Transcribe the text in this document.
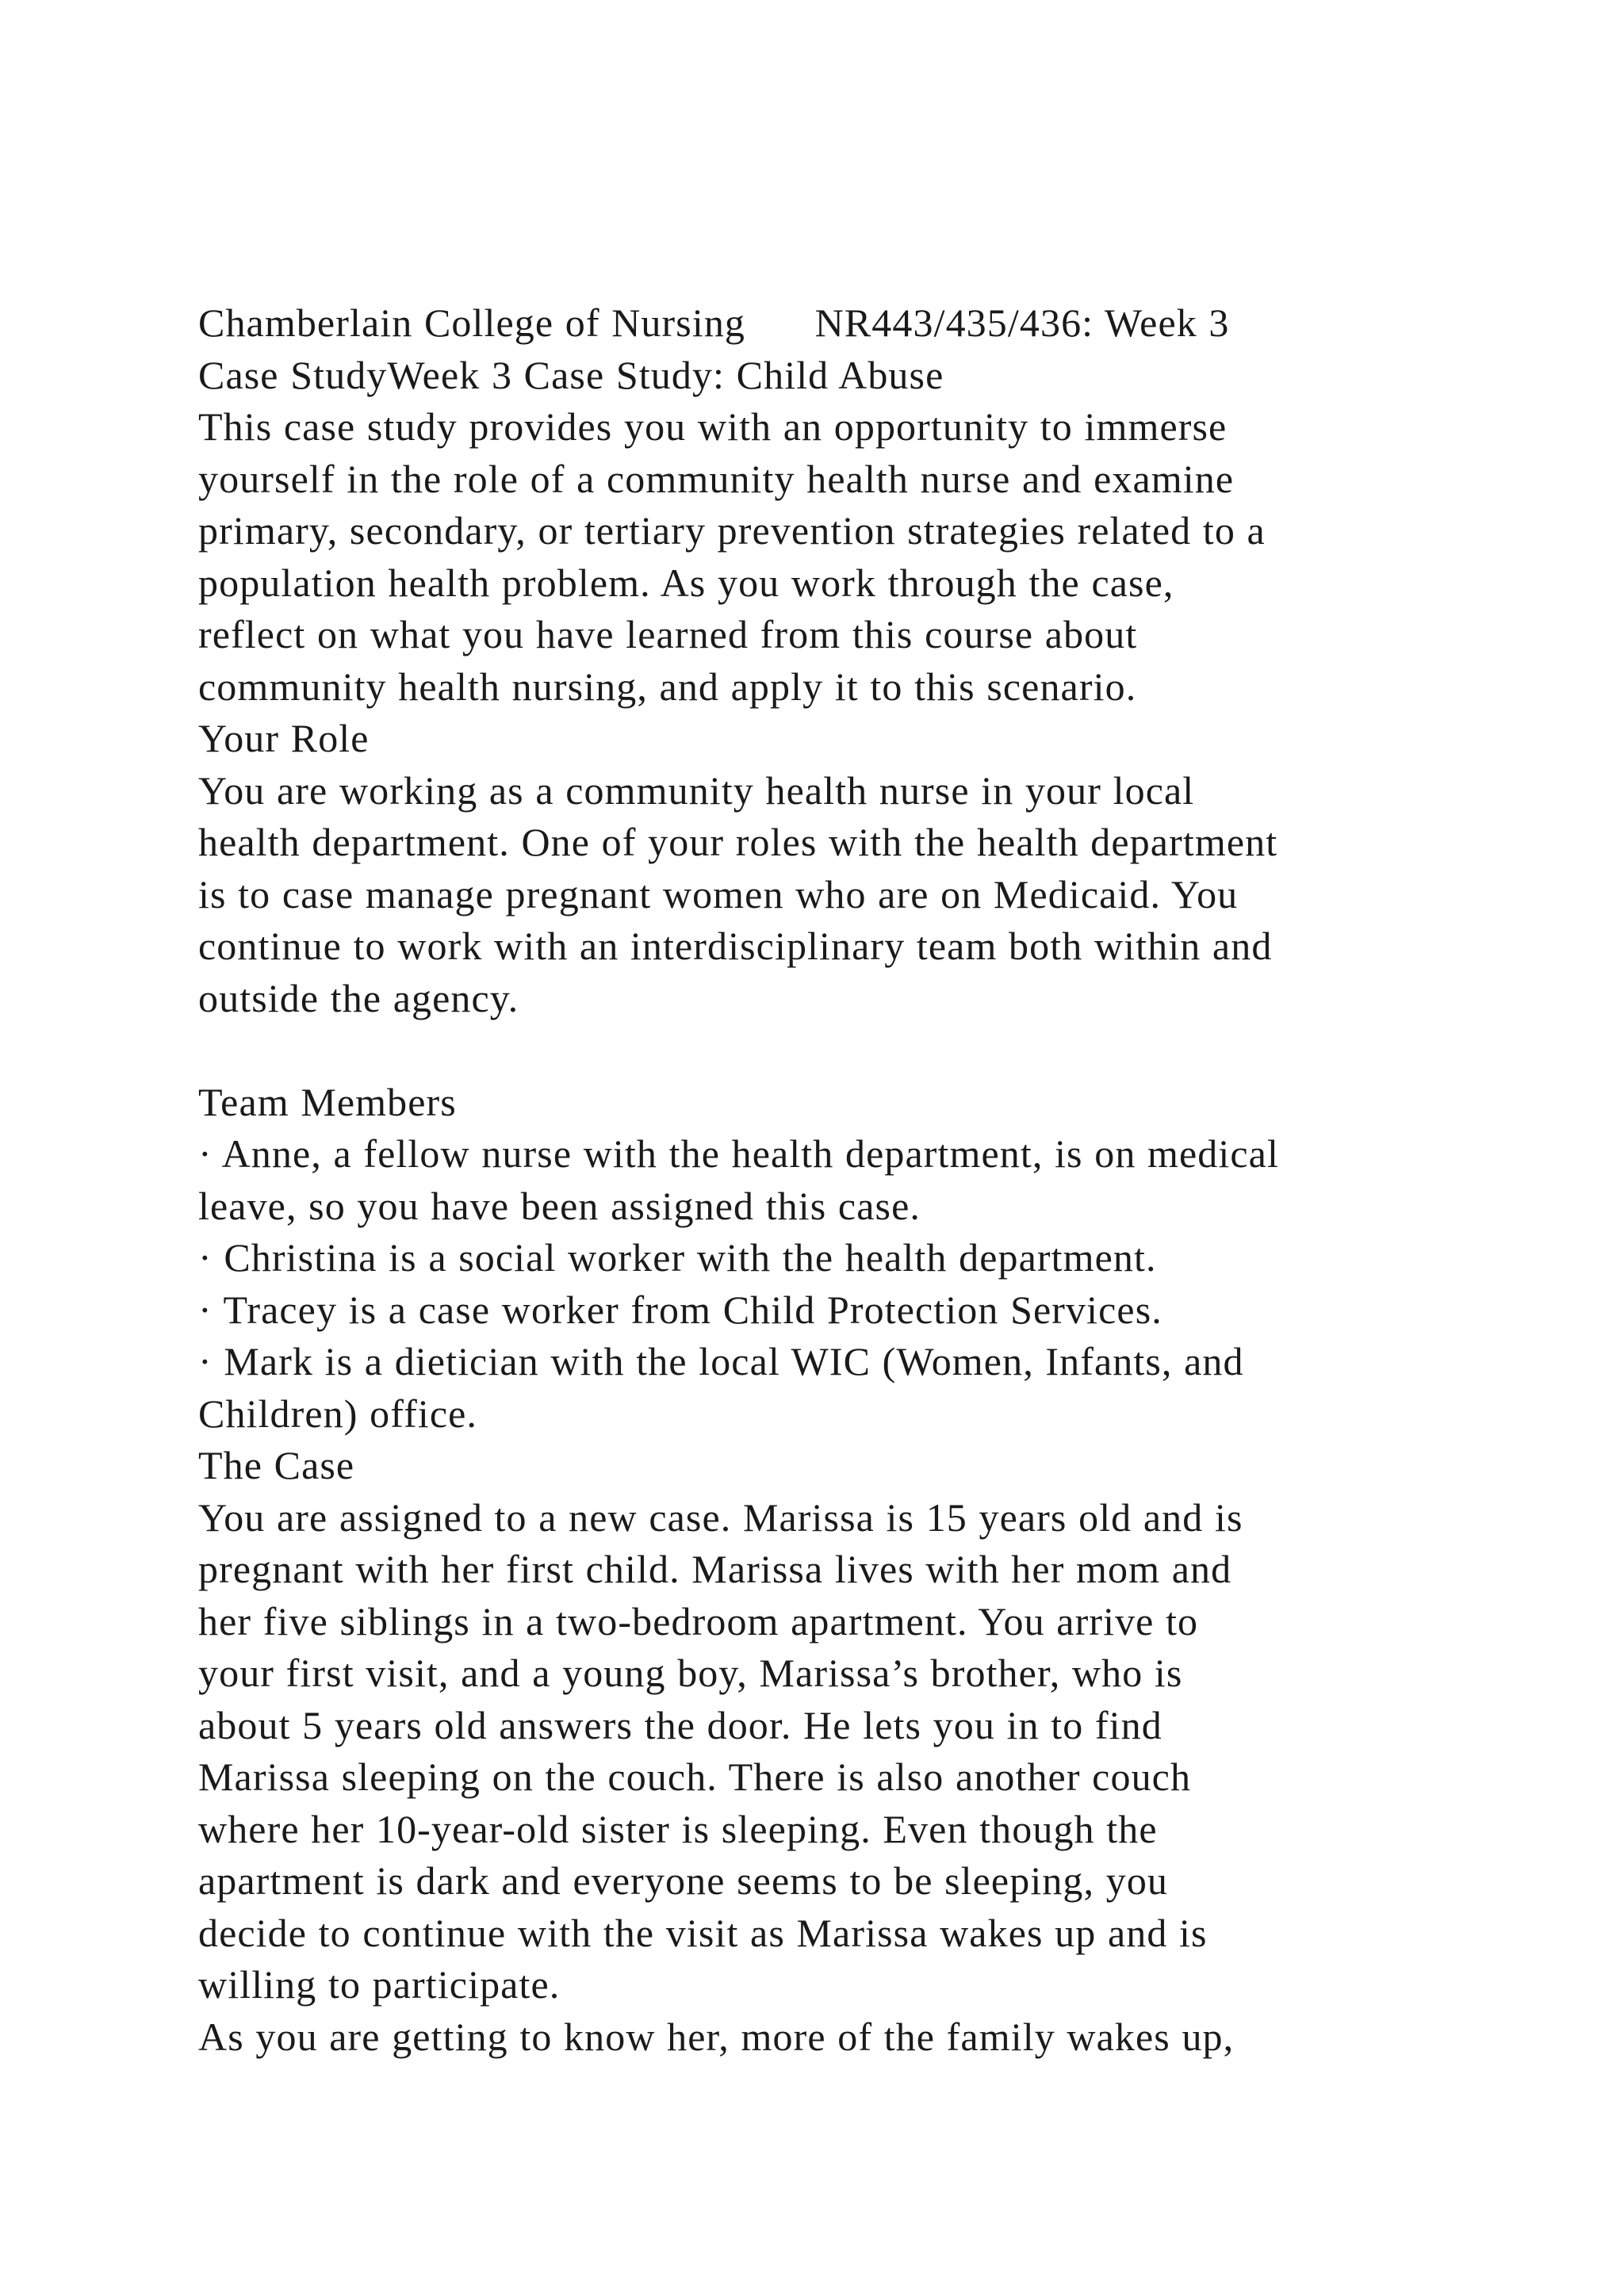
Chamberlain College of Nursing      NR443/435/436: Week 3
Case StudyWeek 3 Case Study: Child Abuse
This case study provides you with an opportunity to immerse
yourself in the role of a community health nurse and examine
primary, secondary, or tertiary prevention strategies related to a
population health problem. As you work through the case,
reflect on what you have learned from this course about
community health nursing, and apply it to this scenario.
Your Role
You are working as a community health nurse in your local
health department. One of your roles with the health department
is to case manage pregnant women who are on Medicaid. You
continue to work with an interdisciplinary team both within and
outside the agency.
Team Members
· Anne, a fellow nurse with the health department, is on medical
leave, so you have been assigned this case.
· Christina is a social worker with the health department.
· Tracey is a case worker from Child Protection Services.
· Mark is a dietician with the local WIC (Women, Infants, and
Children) office.
The Case
You are assigned to a new case. Marissa is 15 years old and is
pregnant with her first child. Marissa lives with her mom and
her five siblings in a two-bedroom apartment. You arrive to
your first visit, and a young boy, Marissa’s brother, who is
about 5 years old answers the door. He lets you in to find
Marissa sleeping on the couch. There is also another couch
where her 10-year-old sister is sleeping. Even though the
apartment is dark and everyone seems to be sleeping, you
decide to continue with the visit as Marissa wakes up and is
willing to participate.
As you are getting to know her, more of the family wakes up,
